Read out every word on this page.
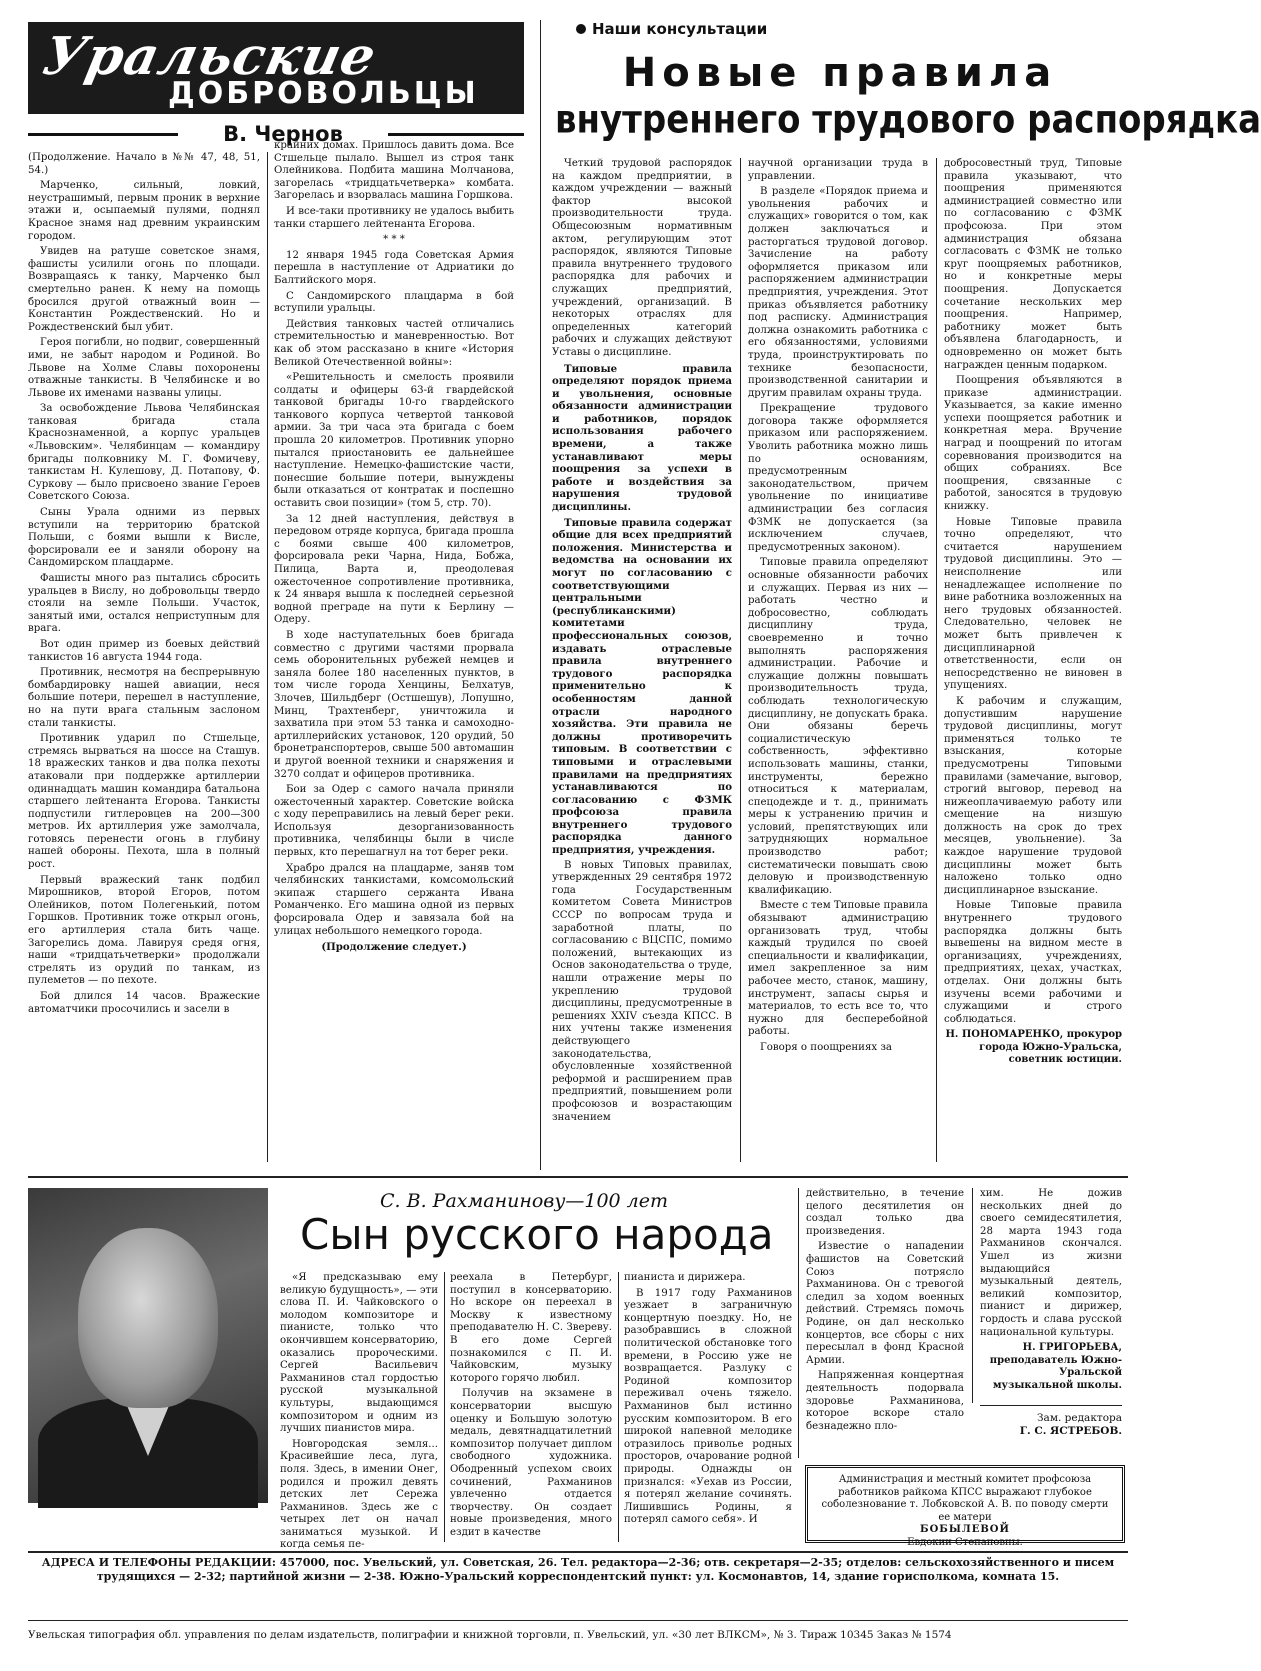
Уральские
ДОБРОВОЛЬЦЫ
В. Чернов

(Продолжение. Начало в №№ 47, 48, 51, 54.)

Марченко, сильный, ловкий, неустрашимый, первым проник в верхние этажи и, осыпаемый пулями, поднял Красное знамя над древним украинским городом.

Увидев на ратуше советское знамя, фашисты усилили огонь по площади. Возвращаясь к танку, Марченко был смертельно ранен. К нему на помощь бросился другой отважный воин — Константин Рождественский. Но и Рождественский был убит.

Героя погибли, но подвиг, совершенный ими, не забыт народом и Родиной. Во Львове на Холме Славы похоронены отважные танкисты. В Челябинске и во Львове их именами названы улицы.

За освобождение Львова Челябинская танковая бригада стала Краснознаменной, а корпус уральцев «Львовским». Челябинцам — командиру бригады полковнику М. Г. Фомичеву, танкистам Н. Кулешову, Д. Потапову, Ф. Суркову — было присвоено звание Героев Советского Союза.

Сыны Урала одними из первых вступили на территорию братской Польши, с боями вышли к Висле, форсировали ее и заняли оборону на Сандомирском плацдарме.

Фашисты много раз пытались сбросить уральцев в Вислу, но добровольцы твердо стояли на земле Польши. Участок, занятый ими, остался неприступным для врага.

Вот один пример из боевых действий танкистов 16 августа 1944 года.

Противник, несмотря на беспрерывную бомбардировку нашей авиации, неся большие потери, перешел в наступление, но на пути врага стальным заслоном стали танкисты.

Противник ударил по Стшельце, стремясь вырваться на шоссе на Сташув. 18 вражеских танков и два полка пехоты атаковали при поддержке артиллерии одиннадцать машин командира батальона старшего лейтенанта Егорова. Танкисты подпустили гитлеровцев на 200—300 метров. Их артиллерия уже замолчала, готовясь перенести огонь в глубину нашей обороны. Пехота, шла в полный рост.

Первый вражеский танк подбил Мирошников, второй Егоров, потом Олейников, потом Полегенький, потом Горшков. Противник тоже открыл огонь, его артиллерия стала бить чаще. Загорелись дома. Лавируя средя огня, наши «тридцатьчетверки» продолжали стрелять из орудий по танкам, из пулеметов — по пехоте.

Бой длился 14 часов. Вражеские автоматчики просочились и засели в

крайних домах. Пришлось давить дома. Все Стшельце пылало. Вышел из строя танк Олейникова. Подбита машина Молчанова, загорелась «тридцатьчетверка» комбата. Загорелась и взорвалась машина Горшкова.

И все-таки противнику не удалось выбить танки старшего лейтенанта Егорова.

* * *

12 января 1945 года Советская Армия перешла в наступление от Адриатики до Балтийского моря.

С Сандомирского плацдарма в бой вступили уральцы.

Действия танковых частей отличались стремительностью и маневренностью. Вот как об этом рассказано в книге «История Великой Отечественной войны»:

«Решительность и смелость проявили солдаты и офицеры 63-й гвардейской танковой бригады 10-го гвардейского танкового корпуса четвертой танковой армии. За три часа эта бригада с боем прошла 20 километров. Противник упорно пытался приостановить ее дальнейшее наступление. Немецко-фашистские части, понесшие большие потери, вынуждены были отказаться от контратак и поспешно оставить свои позиции» (том 5, стр. 70).

За 12 дней наступления, действуя в передовом отряде корпуса, бригада прошла с боями свыше 400 километров, форсировала реки Чарна, Нида, Бобжа, Пилица, Варта и, преодолевая ожесточенное сопротивление противника, к 24 января вышла к последней серьезной водной преграде на пути к Берлину —Одеру.

В ходе наступательных боев бригада совместно с другими частями прорвала семь оборонительных рубежей немцев и заняла более 180 населенных пунктов, в том числе города Хенцины, Белхатув, Злочев, Шильдберг (Остшешув), Лопушно, Минц, Трахтенберг, уничтожила и захватила при этом 53 танка и самоходно-артиллерийских установок, 120 орудий, 50 бронетранспортеров, свыше 500 автомашин и другой военной техники и снаряжения и 3270 солдат и офицеров противника.

Бои за Одер с самого начала приняли ожесточенный характер. Советские войска с ходу переправились на левый берег реки. Используя дезорганизованность противника, челябинцы были в числе первых, кто перешагнул на тот берег реки.

Храбро дрался на плацдарме, заняв том челябинских танкистами, комсомольский экипаж старшего сержанта Ивана Романченко. Его машина одной из первых форсировала Одер и завязала бой на улицах небольшого немецкого города.

(Продолжение следует.)

Наши консультации
Новые правила
внутреннего трудового распорядка

Четкий трудовой распорядок на каждом предприятии, в каждом учреждении — важный фактор высокой производительности труда. Общесоюзным нормативным актом, регулирующим этот распорядок, являются Типовые правила внутреннего трудового распорядка для рабочих и служащих предприятий, учреждений, организаций. В некоторых отраслях для определенных категорий рабочих и служащих действуют Уставы о дисциплине.

Типовые правила определяют порядок приема и увольнения, основные обязанности администрации и работников, порядок использования рабочего времени, а также устанавливают меры поощрения за успехи в работе и воздействия за нарушения трудовой дисциплины.

Типовые правила содержат общие для всех предприятий положения. Министерства и ведомства на основании их могут по согласованию с соответствующими центральными (республиканскими) комитетами профессиональных союзов, издавать отраслевые правила внутреннего трудового распорядка применительно к особенностям данной отрасли народного хозяйства. Эти правила не должны противоречить типовым. В соответствии с типовыми и отраслевыми правилами на предприятиях устанавливаются по согласованию с ФЗМК профсоюза правила внутреннего трудового распорядка данного предприятия, учреждения.

В новых Типовых правилах, утвержденных 29 сентября 1972 года Государственным комитетом Совета Министров СССР по вопросам труда и заработной платы, по согласованию с ВЦСПС, помимо положений, вытекающих из Основ законодательства о труде, нашли отражение меры по укреплению трудовой дисциплины, предусмотренные в решениях XXIV съезда КПСС. В них учтены также изменения действующего законодательства, обусловленные хозяйственной реформой и расширением прав предприятий, повышением роли профсоюзов и возрастающим значением

научной организации труда в управлении.

В разделе «Порядок приема и увольнения рабочих и служащих» говорится о том, как должен заключаться и расторгаться трудовой договор. Зачисление на работу оформляется приказом или распоряжением администрации предприятия, учреждения. Этот приказ объявляется работнику под расписку. Администрация должна ознакомить работника с его обязанностями, условиями труда, проинструктировать по технике безопасности, производственной санитарии и другим правилам охраны труда.

Прекращение трудового договора также оформляется приказом или распоряжением. Уволить работника можно лишь по основаниям, предусмотренным законодательством, причем увольнение по инициативе администрации без согласия ФЗМК не допускается (за исключением случаев, предусмотренных законом).

Типовые правила определяют основные обязанности рабочих и служащих. Первая из них —работать честно и добросовестно, соблюдать дисциплину труда, своевременно и точно выполнять распоряжения администрации. Рабочие и служащие должны повышать производительность труда, соблюдать технологическую дисциплину, не допускать брака. Они обязаны беречь социалистическую собственность, эффективно использовать машины, станки, инструменты, бережно относиться к материалам, спецодежде и т. д., принимать меры к устранению причин и условий, препятствующих или затрудняющих нормальное производство работ; систематически повышать свою деловую и производственную квалификацию.

Вместе с тем Типовые правила обязывают администрацию организовать труд, чтобы каждый трудился по своей специальности и квалификации, имел закрепленное за ним рабочее место, станок, машину, инструмент, запасы сырья и материалов, то есть все то, что нужно для бесперебойной работы.

Говоря о поощрениях за

добросовестный труд, Типовые правила указывают, что поощрения применяются администрацией совместно или по согласованию с ФЗМК профсоюза. При этом администрация обязана согласовать с ФЗМК не только круг поощряемых работников, но и конкретные меры поощрения. Допускается сочетание нескольких мер поощрения. Например, работнику может быть объявлена благодарность, и одновременно он может быть награжден ценным подарком.

Поощрения объявляются в приказе администрации. Указывается, за какие именно успехи поощряется работник и конкретная мера. Вручение наград и поощрений по итогам соревнования производится на общих собраниях. Все поощрения, связанные с работой, заносятся в трудовую книжку.

Новые Типовые правила точно определяют, что считается нарушением трудовой дисциплины. Это — неисполнение или ненадлежащее исполнение по вине работника возложенных на него трудовых обязанностей. Следовательно, человек не может быть привлечен к дисциплинарной ответственности, если он непосредственно не виновен в упущениях.

К рабочим и служащим, допустившим нарушение трудовой дисциплины, могут применяться только те взыскания, которые предусмотрены Типовыми правилами (замечание, выговор, строгий выговор, перевод на нижеоплачиваемую работу или смещение на низшую должность на срок до трех месяцев, увольнение). За каждое нарушение трудовой дисциплины может быть наложено только одно дисциплинарное взыскание.

Новые Типовые правила внутреннего трудового распорядка должны быть вывешены на видном месте в организациях, учреждениях, предприятиях, цехах, участках, отделах. Они должны быть изучены всеми рабочими и служащими и строго соблюдаться.

Н. ПОНОМАРЕНКО, прокурор города Южно-Уральска, советник юстиции.

С. В. Рахманинову—100 лет
Сын русского народа

«Я предсказываю ему великую будущность», — эти слова П. И. Чайковского о молодом композиторе и пианисте, только что окончившем консерваторию, оказались пророческими. Сергей Васильевич Рахманинов стал гордостью русской музыкальной культуры, выдающимся композитором и одним из лучших пианистов мира.

Новгородская земля... Красивейшие леса, луга, поля. Здесь, в имении Онег, родился и прожил девять детских лет Сережа Рахманинов. Здесь же с четырех лет он начал заниматься музыкой. И когда семья пе-

реехала в Петербург, поступил в консерваторию. Но вскоре он переехал в Москву к известному преподавателю Н. С. Звереву. В его доме Сергей познакомился с П. И. Чайковским, музыку которого горячо любил.

Получив на экзамене в консерватории высшую оценку и Большую золотую медаль, девятнадцатилетний композитор получает диплом свободного художника. Ободренный успехом своих сочинений, Рахманинов увлеченно отдается творчеству. Он создает новые произведения, много ездит в качестве

пианиста и дирижера.

В 1917 году Рахманинов уезжает в заграничную концертную поездку. Но, не разобравшись в сложной политической обстановке того времени, в Россию уже не возвращается. Разлуку с Родиной композитор переживал очень тяжело. Рахманинов был истинно русским композитором. В его широкой напевной мелодике отразилось приволье родных просторов, очарование родной природы. Однажды он признался: «Уехав из России, я потерял желание сочинять. Лишившись Родины, я потерял самого себя». И

действительно, в течение целого десятилетия он создал только два произведения.

Известие о нападении фашистов на Советский Союз потрясло Рахманинова. Он с тревогой следил за ходом военных действий. Стремясь помочь Родине, он дал несколько концертов, все сборы с них пересылал в фонд Красной Армии.

Напряженная концертная деятельность подорвала здоровье Рахманинова, которое вскоре стало безнадежно пло-

хим. Не дожив нескольких дней до своего семидесятилетия, 28 марта 1943 года Рахманинов скончался. Ушел из жизни выдающийся музыкальный деятель, великий композитор, пианист и дирижер, гордость и слава русской национальной культуры.

Н. ГРИГОРЬЕВА, преподаватель Южно-Уральской музыкальной школы.

Зам. редактора
Г. С. ЯСТРЕБОВ.
Администрация и местный комитет профсоюза работников райкома КПСС выражают глубокое соболезнование т. Лобковской А. В. по поводу смерти ее матери
БОБЫЛЕВОЙ
Евдокии Степановны.
АДРЕСА И ТЕЛЕФОНЫ РЕДАКЦИИ: 457000, пос. Увельский, ул. Советская, 26. Тел. редактора—2-36; отв. секретаря—2-35; отделов: сельскохозяйственного и писем трудящихся — 2-32; партийной жизни — 2-38. Южно-Уральский корреспондентский пункт: ул. Космонавтов, 14, здание горисполкома, комната 15.
Увельская типография обл. управления по делам издательств, полиграфии и книжной торговли, п. Увельский, ул. «30 лет ВЛКСМ», № 3. Тираж 10345 Заказ № 1574
